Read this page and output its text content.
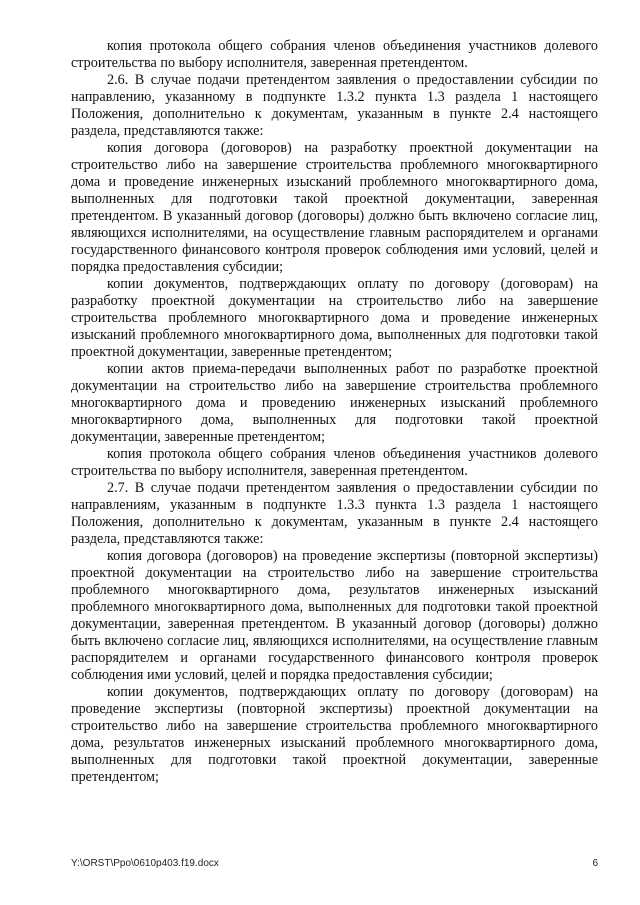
копия протокола общего собрания членов объединения участников долевого строительства по выбору исполнителя, заверенная претендентом.

2.6. В случае подачи претендентом заявления о предоставлении субсидии по направлению, указанному в подпункте 1.3.2 пункта 1.3 раздела 1 настоящего Положения, дополнительно к документам, указанным в пункте 2.4 настоящего раздела, представляются также:

копия договора (договоров) на разработку проектной документации на строительство либо на завершение строительства проблемного многоквартирного дома и проведение инженерных изысканий проблемного многоквартирного дома, выполненных для подготовки такой проектной документации, заверенная претендентом. В указанный договор (договоры) должно быть включено согласие лиц, являющихся исполнителями, на осуществление главным распорядителем и органами государственного финансового контроля проверок соблюдения ими условий, целей и порядка предоставления субсидии;

копии документов, подтверждающих оплату по договору (договорам) на разработку проектной документации на строительство либо на завершение строительства проблемного многоквартирного дома и проведение инженерных изысканий проблемного многоквартирного дома, выполненных для подготовки такой проектной документации, заверенные претендентом;

копии актов приема-передачи выполненных работ по разработке проектной документации на строительство либо на завершение строительства проблемного многоквартирного дома и проведению инженерных изысканий проблемного многоквартирного дома, выполненных для подготовки такой проектной документации, заверенные претендентом;

копия протокола общего собрания членов объединения участников долевого строительства по выбору исполнителя, заверенная претендентом.

2.7. В случае подачи претендентом заявления о предоставлении субсидии по направлениям, указанным в подпункте 1.3.3 пункта 1.3 раздела 1 настоящего Положения, дополнительно к документам, указанным в пункте 2.4 настоящего раздела, представляются также:

копия договора (договоров) на проведение экспертизы (повторной экспертизы) проектной документации на строительство либо на завершение строительства проблемного многоквартирного дома, результатов инженерных изысканий проблемного многоквартирного дома, выполненных для подготовки такой проектной документации, заверенная претендентом. В указанный договор (договоры) должно быть включено согласие лиц, являющихся исполнителями, на осуществление главным распорядителем и органами государственного финансового контроля проверок соблюдения ими условий, целей и порядка предоставления субсидии;

копии документов, подтверждающих оплату по договору (договорам) на проведение экспертизы (повторной экспертизы) проектной документации на строительство либо на завершение строительства проблемного многоквартирного дома, результатов инженерных изысканий проблемного многоквартирного дома, выполненных для подготовки такой проектной документации, заверенные претендентом;

Y:\ORST\Ppo\0610p403.f19.docx	6
